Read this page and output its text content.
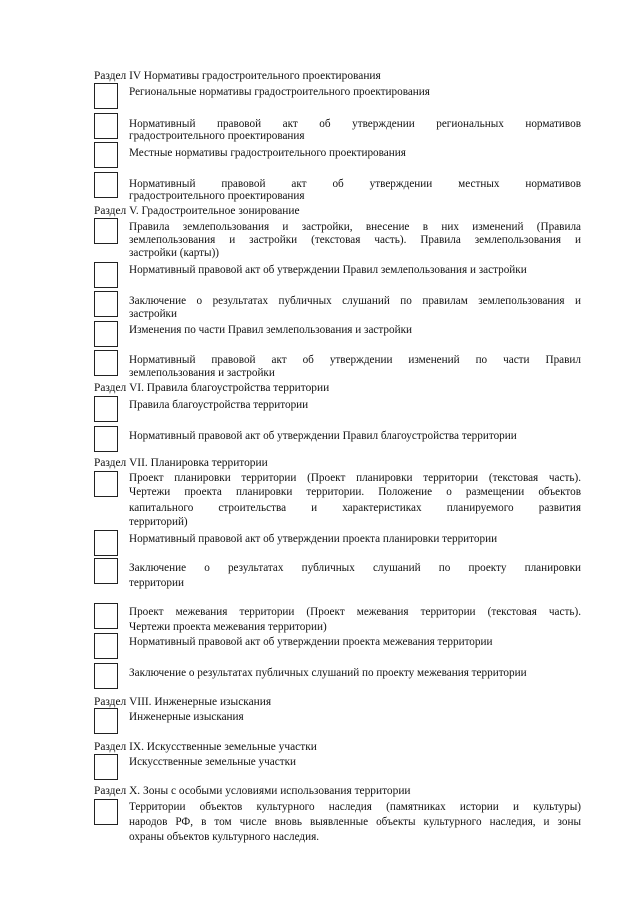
Раздел IV Нормативы градостроительного проектирования
Региональные нормативы градостроительного проектирования
Нормативный правовой акт об утверждении региональных нормативов
градостроительного проектирования
Местные нормативы градостроительного проектирования
Нормативный правовой акт об утверждении местных нормативов
градостроительного проектирования
Раздел V. Градостроительное зонирование
Правила землепользования и застройки, внесение в них изменений (Правила
землепользования и застройки (текстовая часть). Правила землепользования и
застройки (карты))
Нормативный правовой акт об утверждении Правил землепользования и застройки
Заключение о результатах публичных слушаний по правилам землепользования и
застройки
Изменения по части Правил землепользования и застройки
Нормативный правовой акт об утверждении изменений по части Правил
землепользования и застройки
Раздел VI. Правила благоустройства территории
Правила благоустройства территории
Нормативный правовой акт об утверждении Правил благоустройства территории
Раздел VII. Планировка территории
Проект планировки территории (Проект планировки территории (текстовая часть).
Чертежи проекта планировки территории. Положение о размещении объектов
капитального строительства и характеристиках планируемого развития
территорий)
Нормативный правовой акт об утверждении проекта планировки территории
Заключение о результатах публичных слушаний по проекту планировки
территории
Проект межевания территории (Проект межевания территории (текстовая часть).
Чертежи проекта межевания территории)
Нормативный правовой акт об утверждении проекта межевания территории
Заключение о результатах публичных слушаний по проекту межевания территории
Раздел VIII. Инженерные изыскания
Инженерные изыскания
Раздел IX. Искусственные земельные участки
Искусственные земельные участки
Раздел X. Зоны с особыми условиями использования территории
Территории объектов культурного наследия (памятниках истории и культуры)
народов РФ, в том числе вновь выявленные объекты культурного наследия, и зоны
охраны объектов культурного наследия.
